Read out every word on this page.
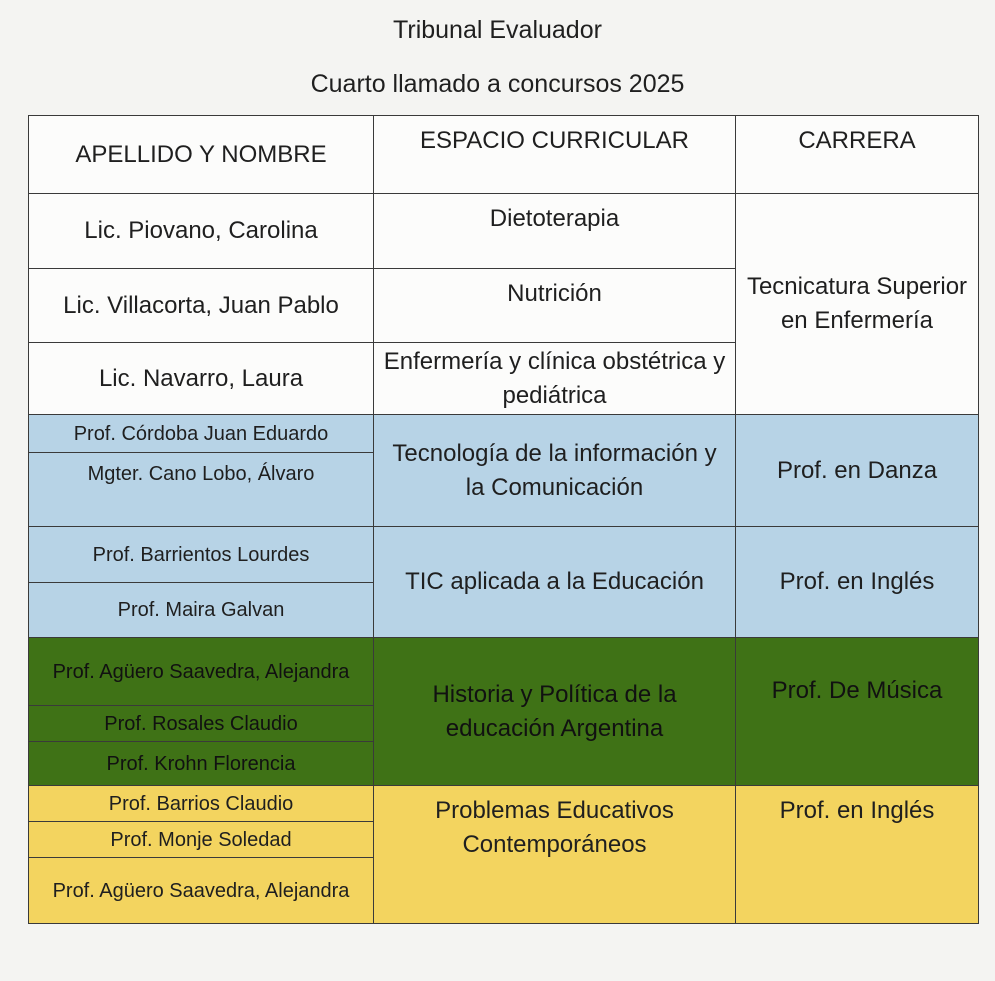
Tribunal Evaluador
Cuarto llamado a concursos 2025
APELLIDO Y NOMBRE	ESPACIO CURRICULAR	CARRERA
Lic. Piovano, Carolina	Dietoterapia	Tecnicatura Superior en Enfermería
Lic. Villacorta, Juan Pablo	Nutrición	
Lic. Navarro, Laura	Enfermería y clínica obstétrica y pediátrica	
Prof. Córdoba Juan Eduardo	Tecnología de la información y la Comunicación	Prof. en Danza
Mgter. Cano Lobo, Álvaro		
Prof. Barrientos Lourdes	TIC aplicada a la Educación	Prof. en Inglés
Prof. Maira Galvan		
Prof. Agüero Saavedra, Alejandra	Historia y Política de la educación Argentina	Prof. De Música
Prof. Rosales Claudio		
Prof. Krohn Florencia		
Prof. Barrios Claudio	Problemas Educativos Contemporáneos	Prof. en Inglés
Prof. Monje Soledad		
Prof. Agüero Saavedra, Alejandra		
